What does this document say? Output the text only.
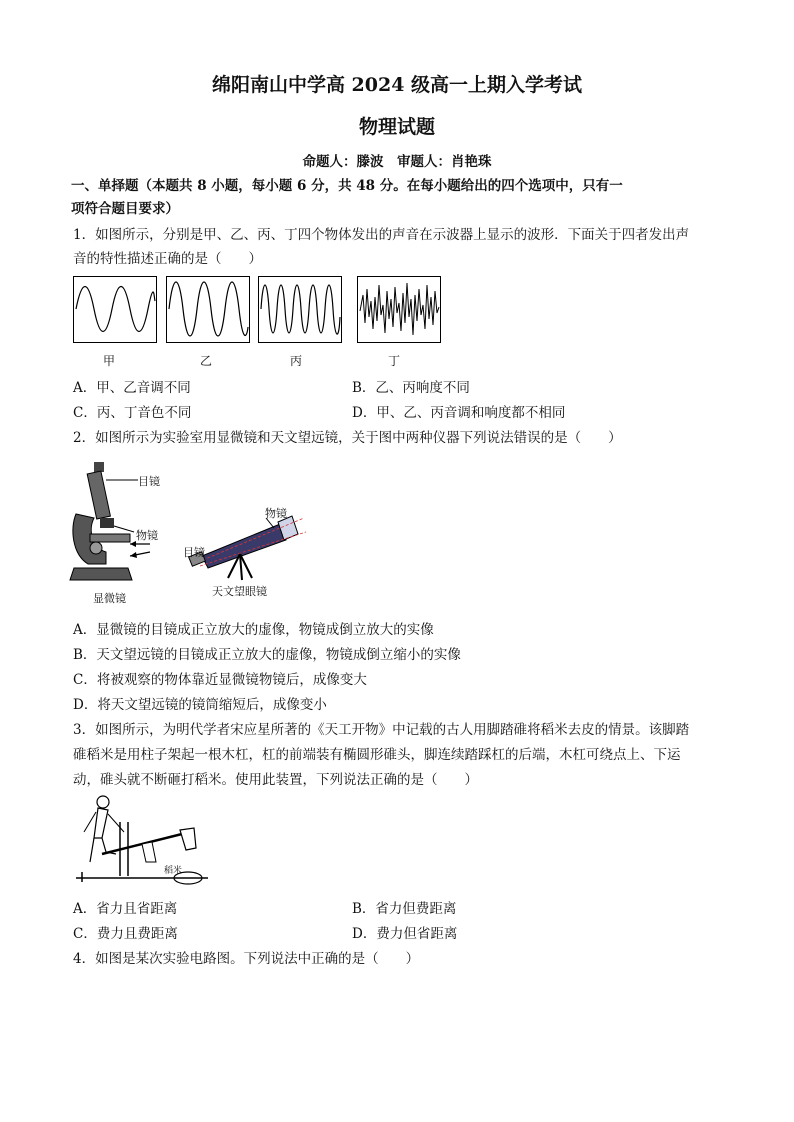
绵阳南山中学高 2024 级高一上期入学考试
物理试题
命题人：滕波　审题人：肖艳珠
一、单择题（本题共 8 小题，每小题 6 分，共 48 分。在每小题给出的四个选项中，只有一
项符合题目要求）
1．如图所示，分别是甲、乙、丙、丁四个物体发出的声音在示波器上显示的波形．下面关于四者发出声
音的特性描述正确的是（　　）
甲	乙	丙	丁
A．甲、乙音调不同	B．乙、丙响度不同
C．丙、丁音色不同	D．甲、乙、丙音调和响度都不相同
2．如图所示为实验室用显微镜和天文望远镜，关于图中两种仪器下列说法错误的是（　　）
目镜
物镜
显微镜
物镜
目镜
天文望眼镜
A．显微镜的目镜成正立放大的虚像，物镜成倒立放大的实像
B．天文望远镜的目镜成正立放大的虚像，物镜成倒立缩小的实像
C．将被观察的物体靠近显微镜物镜后，成像变大
D．将天文望远镜的镜筒缩短后，成像变小
3．如图所示，为明代学者宋应星所著的《天工开物》中记载的古人用脚踏碓将稻米去皮的情景。该脚踏
碓稻米是用柱子架起一根木杠，杠的前端装有椭圆形碓头，脚连续踏踩杠的后端，木杠可绕点上、下运
动，碓头就不断砸打稻米。使用此装置，下列说法正确的是（　　）
稻米
A．省力且省距离	B．省力但费距离
C．费力且费距离	D．费力但省距离
4．如图是某次实验电路图。下列说法中正确的是（　　）
